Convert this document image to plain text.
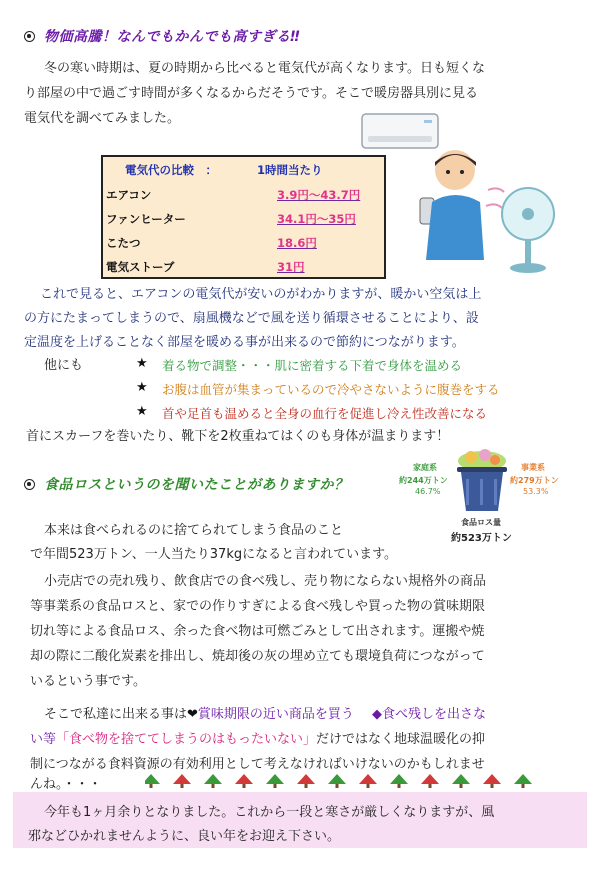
物価高騰！なんでもかんでも高すぎる‼
冬の寒い時期は、夏の時期から比べると電気代が高くなります。日も短くな
り部屋の中で過ごす時間が多くなるからだそうです。そこで暖房器具別に見る
電気代を調べてみました。
電気代の比較　：	1時間当たり
エアコン	3.9円〜43.7円
ファンヒーター	34.1円〜35円
こたつ	18.6円
電気ストーブ	31円
これで見ると、エアコンの電気代が安いのがわかりますが、暖かい空気は上
の方にたまってしまうので、扇風機などで風を送り循環させることにより、設
定温度を上げることなく部屋を暖める事が出来るので節約につながります。
他にも	★ 着る物で調整・・・肌に密着する下着で身体を温める
★ お腹は血管が集まっているので冷やさないように腹巻をする
★ 首や足首も温めると全身の血行を促進し冷え性改善になる
首にスカーフを巻いたり、靴下を2枚重ねてはくのも身体が温まります！
食品ロスというのを聞いたことがありますか？
家庭系
約244万トン
46.7%
事業系
約279万トン
53.3%
食品ロス量
約523万トン
本来は食べられるのに捨てられてしまう食品のこと
で年間523万トン、一人当たり37kgになると言われています。
小売店での売れ残り、飲食店での食べ残し、売り物にならない規格外の商品
等事業系の食品ロスと、家での作りすぎによる食べ残しや買った物の賞味期限
切れ等による食品ロス、余った食べ物は可燃ごみとして出されます。運搬や焼
却の際に二酸化炭素を排出し、焼却後の灰の埋め立ても環境負荷につながって
いるという事です。
そこで私達に出来る事は❤賞味期限の近い商品を買う ◆食べ残しを出さな
い等「食べ物を捨ててしまうのはもったいない」だけではなく地球温暖化の抑
制につながる食料資源の有効利用として考えなければいけないのかもしれませ
んね。・・・
今年も1ヶ月余りとなりました。これから一段と寒さが厳しくなりますが、風
邪などひかれませんように、良い年をお迎え下さい。
